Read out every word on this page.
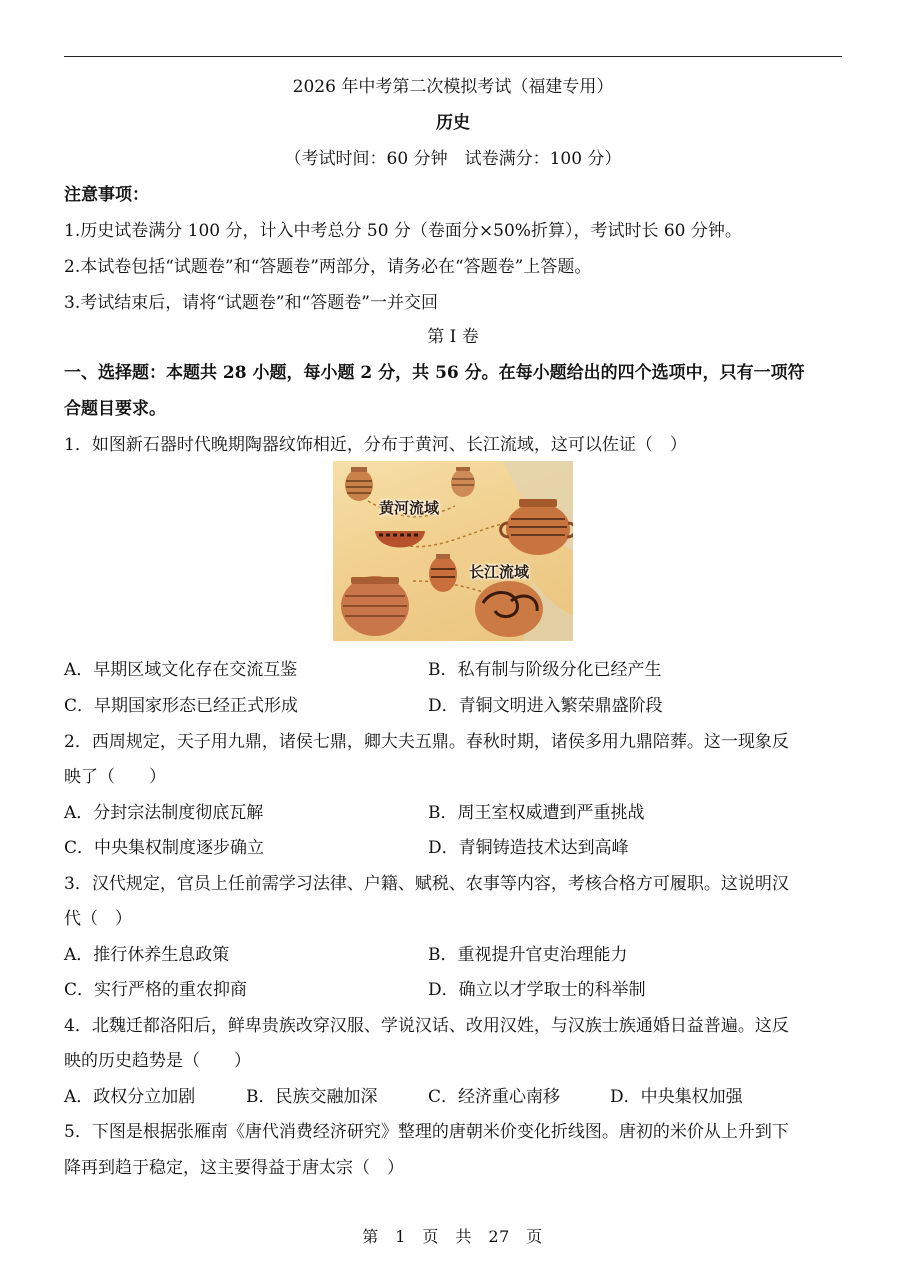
2026 年中考第二次模拟考试（福建专用）
历史
（考试时间：60 分钟　试卷满分：100 分）
注意事项：
1.历史试卷满分 100 分，计入中考总分 50 分（卷面分×50%折算），考试时长 60 分钟。
2.本试卷包括“试题卷”和“答题卷”两部分，请务必在“答题卷”上答题。
3.考试结束后，请将“试题卷”和“答题卷”一并交回
第 I 卷
一、选择题：本题共 28 小题，每小题 2 分，共 56 分。在每小题给出的四个选项中，只有一项符
合题目要求。
1．如图新石器时代晚期陶器纹饰相近，分布于黄河、长江流域，这可以佐证（　）
黄河流域
长江流域
A．早期区域文化存在交流互鉴	B．私有制与阶级分化已经产生
C．早期国家形态已经正式形成	D．青铜文明进入繁荣鼎盛阶段
2．西周规定，天子用九鼎，诸侯七鼎，卿大夫五鼎。春秋时期，诸侯多用九鼎陪葬。这一现象反
映了（　　）
A．分封宗法制度彻底瓦解	B．周王室权威遭到严重挑战
C．中央集权制度逐步确立	D．青铜铸造技术达到高峰
3．汉代规定，官员上任前需学习法律、户籍、赋税、农事等内容，考核合格方可履职。这说明汉
代（　）
A．推行休养生息政策	B．重视提升官吏治理能力
C．实行严格的重农抑商	D．确立以才学取士的科举制
4．北魏迁都洛阳后，鲜卑贵族改穿汉服、学说汉话、改用汉姓，与汉族士族通婚日益普遍。这反
映的历史趋势是（　　）
A．政权分立加剧	B．民族交融加深	C．经济重心南移	D．中央集权加强
5．下图是根据张雁南《唐代消费经济研究》整理的唐朝米价变化折线图。唐初的米价从上升到下
降再到趋于稳定，这主要得益于唐太宗（　）
第　1　页　共　27　页
